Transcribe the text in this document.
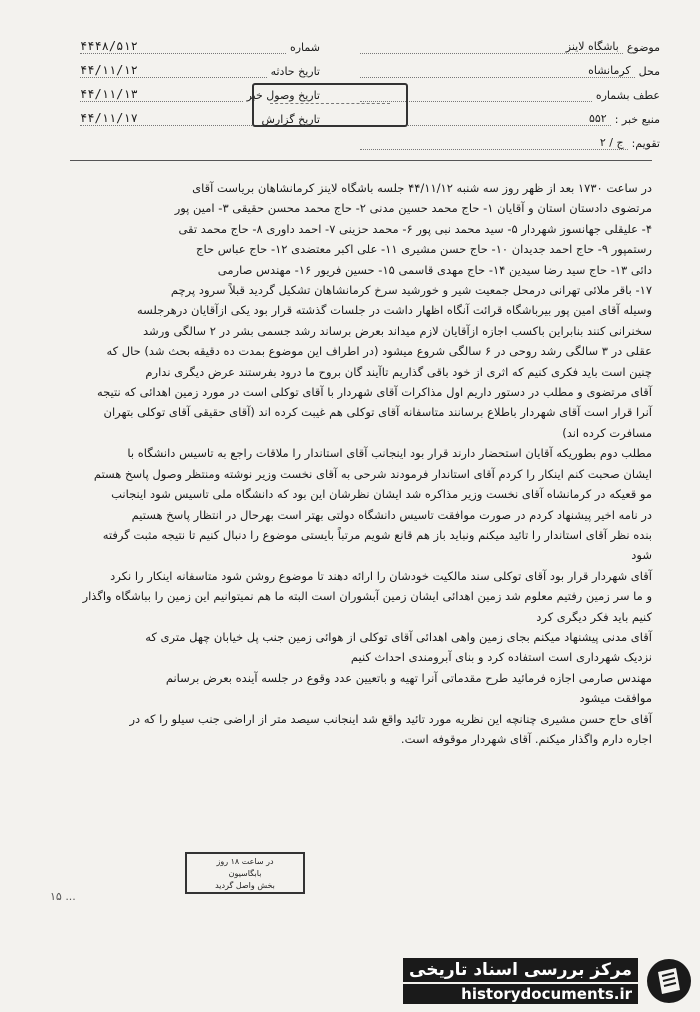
موضوع
باشگاه لاینز
محل
کرمانشاه
عطف بشماره
منبع خبر :
۵۵۲
تقویم:
ج / ۲
شماره
۴۴۴۸/۵۱۲
تاریخ حادثه
۴۴/۱۱/۱۲
تاریخ وصول خبر
۴۴/۱۱/۱۳
تاریخ گزارش
۴۴/۱۱/۱۷

در ساعت ۱۷۳۰ بعد از ظهر روز سه شنبه ۴۴/۱۱/۱۲ جلسه باشگاه لاینز کرمانشاهان بریاست آقای

مرتضوی دادستان استان و آقایان ۱- حاج محمد حسین مدنی ۲- حاج محمد محسن حقیقی ۳- امین پور

۴- علیقلی جهانسوز شهردار ۵- سید محمد نبی پور ۶- محمد حزینی ۷- احمد داوری ۸- حاج محمد تقی

رستمپور ۹- حاج احمد جدیدان ۱۰- حاج حسن مشیری ۱۱- علی اکبر معتضدی ۱۲- حاج عباس حاج

دائی ۱۳- حاج سید رضا سیدین ۱۴- حاج مهدی قاسمی ۱۵- حسین فریور ۱۶- مهندس صارمی

۱۷- باقر ملائی تهرانی درمحل جمعیت شیر و خورشید سرخ کرمانشاهان تشکیل گردید قبلاً سرود پرچم

وسیله آقای امین پور بیرباشگاه قرائت آنگاه اظهار داشت در جلسات گذشته قرار بود یکی ازآقایان درهرجلسه

سخنرانی کنند بنابراین باکسب اجازه ازآقایان لازم میداند بعرض برساند رشد جسمی بشر در ۲ سالگی ورشد

عقلی در ۳ سالگی رشد روحی در ۶ سالگی شروع میشود (در اطراف این موضوع بمدت ده دقیقه بحث شد) حال که

چنین است باید فکری کنیم که اثری از خود باقی گذاریم تاآیند گان بروح ما درود بفرستند عرض دیگری ندارم

آقای مرتضوی و مطلب در دستور داریم اول مذاکرات آقای شهردار با آقای توکلی است در مورد زمین اهدائی که نتیجه

آنرا قرار است آقای شهردار باطلاع برسانند متاسفانه آقای توکلی هم غیبت کرده اند (آقای حقیقی آقای توکلی بتهران

مسافرت کرده اند)

مطلب دوم بطوریکه آقایان استحضار دارند قرار بود اینجانب آقای استاندار را ملاقات راجع به تاسیس دانشگاه با

ایشان صحبت کنم اینکار را کردم آقای استاندار فرمودند شرحی به آقای نخست وزیر نوشته ومنتظر وصول پاسخ هستم

مو قعیکه در کرمانشاه آقای نخست وزیر مذاکره شد ایشان نظرشان این بود که دانشگاه ملی تاسیس شود اینجانب

در نامه اخیر پیشنهاد کردم در صورت موافقت تاسیس دانشگاه دولتی بهتر است بهرحال در انتظار پاسخ هستیم

بنده نظر آقای استاندار را تائید میکنم ونباید باز هم قانع شویم مرتباً بایستی موضوع را دنبال کنیم تا نتیجه مثبت گرفته

شود

آقای شهردار قرار بود آقای توکلی سند مالکیت خودشان را ارائه دهند تا موضوع روشن شود متاسفانه اینکار را نکرد

و ما سر زمین رفتیم معلوم شد زمین اهدائی ایشان زمین آبشوران است البته ما هم نمیتوانیم این زمین را بباشگاه واگذار

کنیم باید فکر دیگری کرد

آقای مدنی پیشنهاد میکنم بجای زمین واهی اهدائی آقای توکلی از هوائی زمین جنب پل خیابان چهل متری که

نزدیک شهرداری است استفاده کرد و بنای آبرومندی احداث کنیم

مهندس صارمی اجازه فرمائید طرح مقدماتی آنرا تهیه و باتعیین عدد وقوع در جلسه آینده بعرض برسانم

موافقت میشود

آقای حاج حسن مشیری چنانچه این نظریه مورد تائید واقع شد اینجانب سیصد متر از اراضی جنب سیلو را که در

اجاره دارم واگذار میکنم. آقای شهردار موقوفه است.

در ساعت ۱۸ روز
بابگاسیون
بخش واصل گردید
۱۵ ...
مرکز بررسی اسناد تاریخی
historydocuments.ir
